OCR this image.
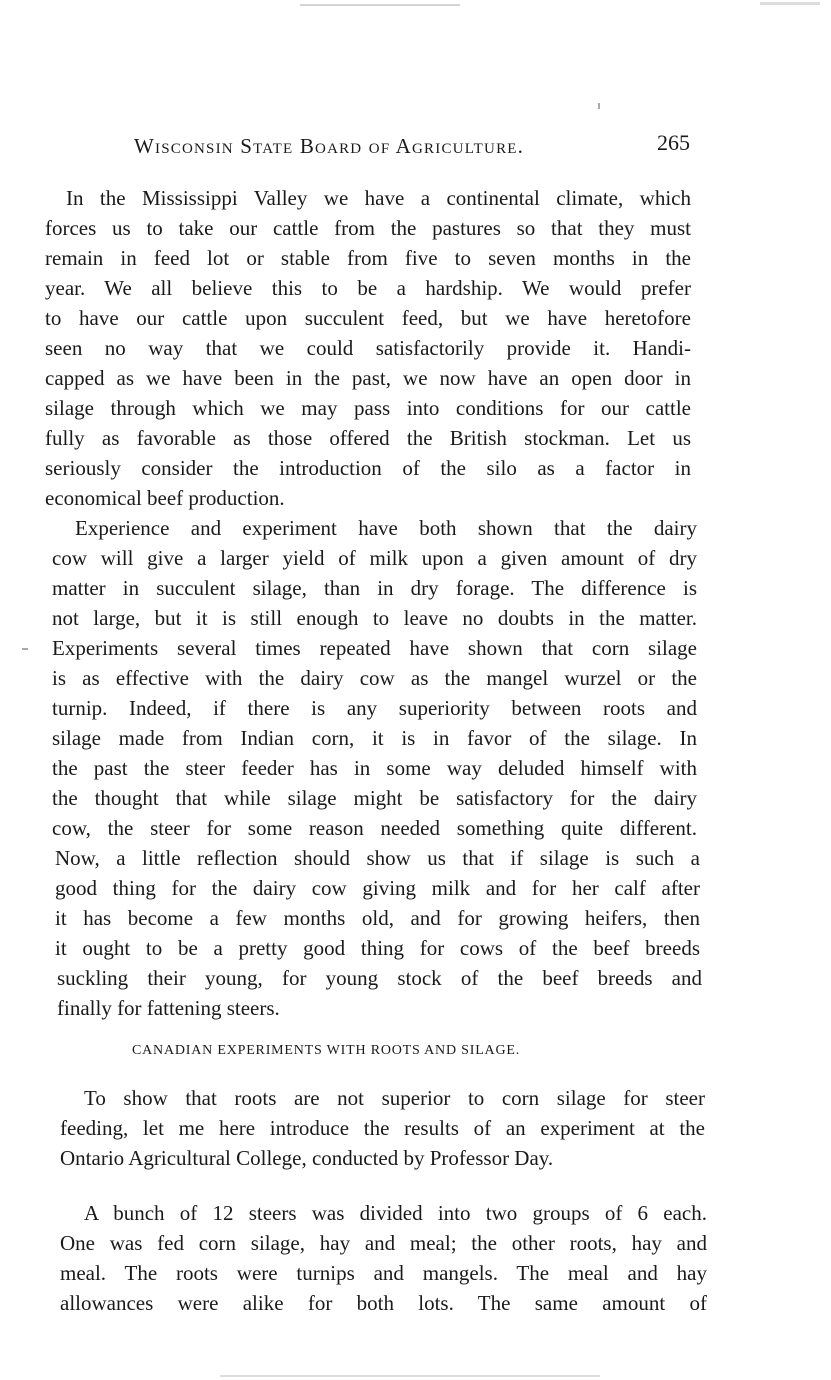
Wisconsin State Board of Agriculture.	265
In the Mississippi Valley we have a continental climate, which
forces us to take our cattle from the pastures so that they must
remain in feed lot or stable from five to seven months in the
year. We all believe this to be a hardship. We would prefer
to have our cattle upon succulent feed, but we have heretofore
seen no way that we could satisfactorily provide it. Handi-
capped as we have been in the past, we now have an open door in
silage through which we may pass into conditions for our cattle
fully as favorable as those offered the British stockman. Let us
seriously consider the introduction of the silo as a factor in
economical beef production.
Experience and experiment have both shown that the dairy
cow will give a larger yield of milk upon a given amount of dry
matter in succulent silage, than in dry forage. The difference is
not large, but it is still enough to leave no doubts in the matter.
Experiments several times repeated have shown that corn silage
is as effective with the dairy cow as the mangel wurzel or the
turnip. Indeed, if there is any superiority between roots and
silage made from Indian corn, it is in favor of the silage. In
the past the steer feeder has in some way deluded himself with
the thought that while silage might be satisfactory for the dairy
cow, the steer for some reason needed something quite different.
Now, a little reflection should show us that if silage is such a
good thing for the dairy cow giving milk and for her calf after
it has become a few months old, and for growing heifers, then
it ought to be a pretty good thing for cows of the beef breeds
suckling their young, for young stock of the beef breeds and
finally for fattening steers.
CANADIAN EXPERIMENTS WITH ROOTS AND SILAGE.
To show that roots are not superior to corn silage for steer
feeding, let me here introduce the results of an experiment at the
Ontario Agricultural College, conducted by Professor Day.
A bunch of 12 steers was divided into two groups of 6 each.
One was fed corn silage, hay and meal; the other roots, hay and
meal. The roots were turnips and mangels. The meal and hay
allowances were alike for both lots. The same amount of
